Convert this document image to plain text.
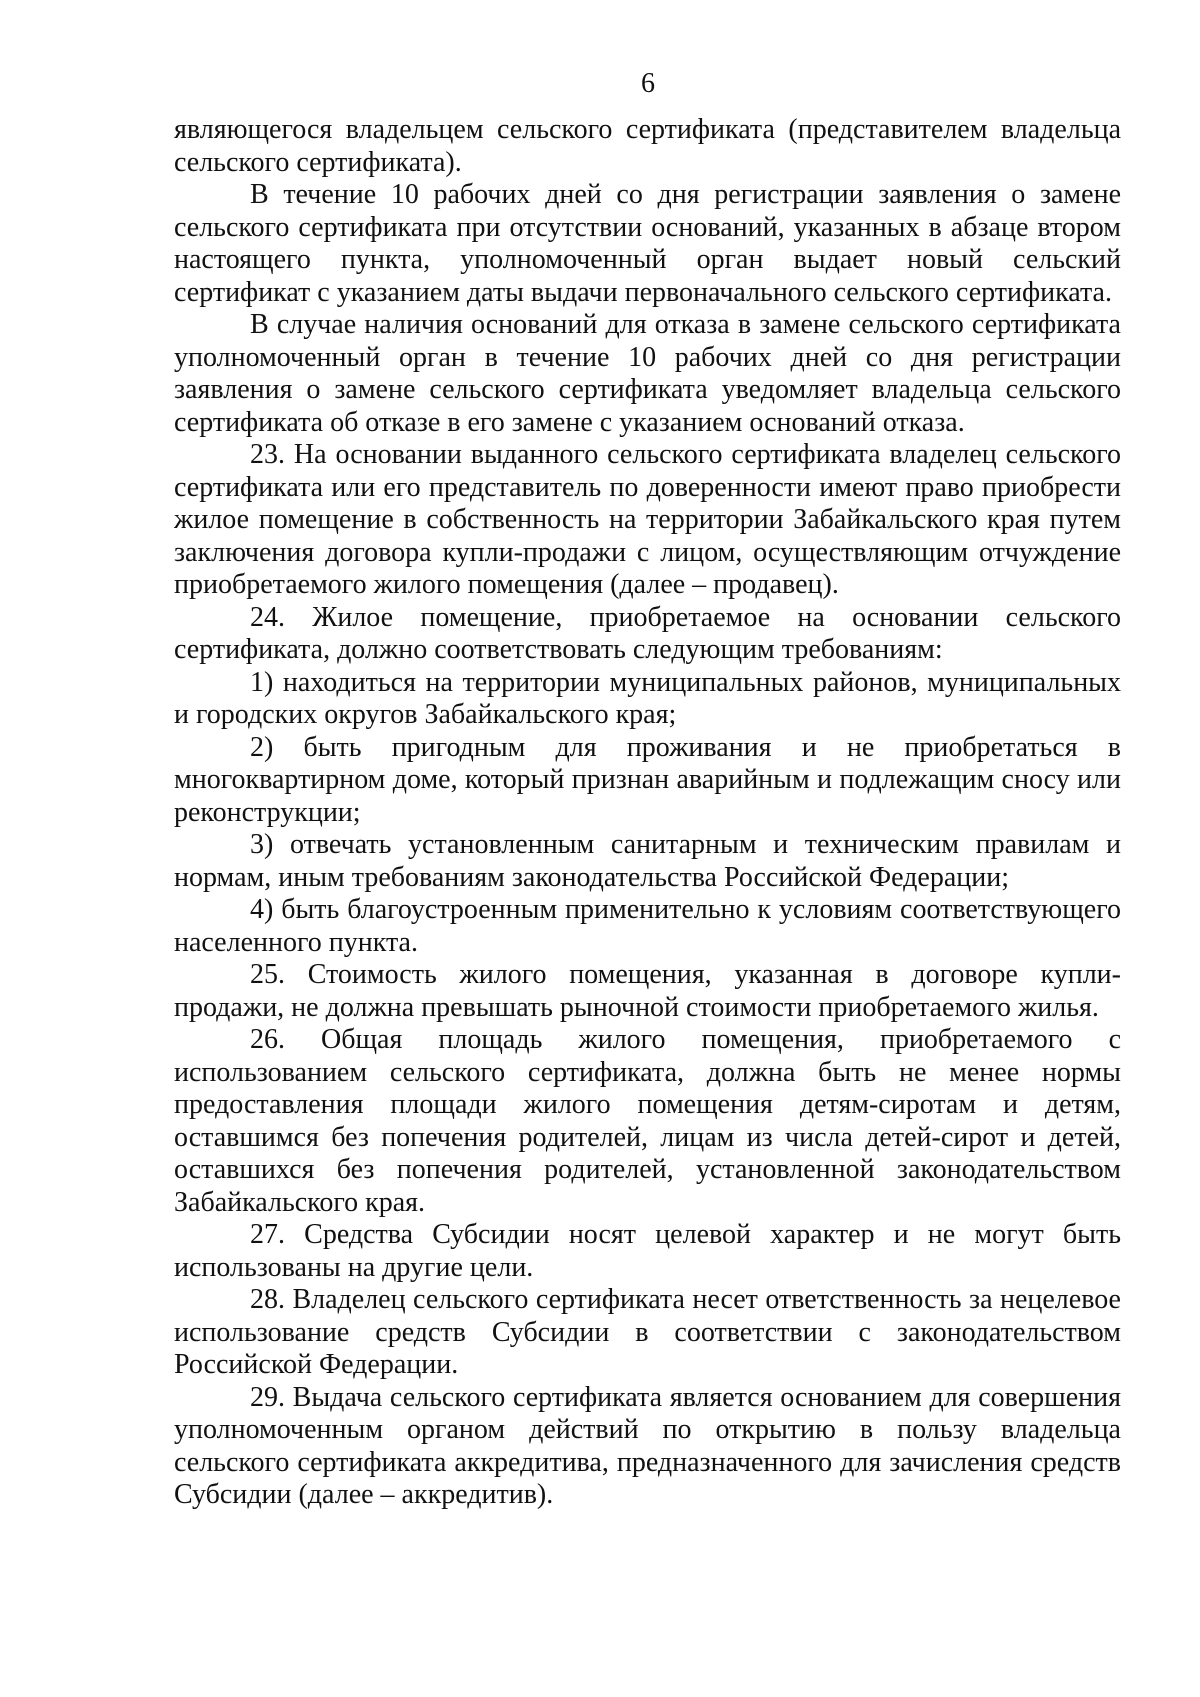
6

являющегося владельцем сельского сертификата (представителем владельца сельского сертификата).

В течение 10 рабочих дней со дня регистрации заявления о замене сельского сертификата при отсутствии оснований, указанных в абзаце втором настоящего пункта, уполномоченный орган выдает новый сельский сертификат с указанием даты выдачи первоначального сельского сертификата.

В случае наличия оснований для отказа в замене сельского сертификата уполномоченный орган в течение 10 рабочих дней со дня регистрации заявления о замене сельского сертификата уведомляет владельца сельского сертификата об отказе в его замене с указанием оснований отказа.

23. На основании выданного сельского сертификата владелец сельского сертификата или его представитель по доверенности имеют право приобрести жилое помещение в собственность на территории Забайкальского края путем заключения договора купли-продажи с лицом, осуществляющим отчуждение приобретаемого жилого помещения (далее – продавец).

24. Жилое помещение, приобретаемое на основании сельского сертификата, должно соответствовать следующим требованиям:

1) находиться на территории муниципальных районов, муниципальных и городских округов Забайкальского края;

2) быть пригодным для проживания и не приобретаться в многоквартирном доме, который признан аварийным и подлежащим сносу или реконструкции;

3) отвечать установленным санитарным и техническим правилам и нормам, иным требованиям законодательства Российской Федерации;

4) быть благоустроенным применительно к условиям соответствующего населенного пункта.

25. Стоимость жилого помещения, указанная в договоре купли-продажи, не должна превышать рыночной стоимости приобретаемого жилья.

26. Общая площадь жилого помещения, приобретаемого с использованием сельского сертификата, должна быть не менее нормы предоставления площади жилого помещения детям-сиротам и детям, оставшимся без попечения родителей, лицам из числа детей-сирот и детей, оставшихся без попечения родителей, установленной законодательством Забайкальского края.

27. Средства Субсидии носят целевой характер и не могут быть использованы на другие цели.

28. Владелец сельского сертификата несет ответственность за нецелевое использование средств Субсидии в соответствии с законодательством Российской Федерации.

29. Выдача сельского сертификата является основанием для совершения уполномоченным органом действий по открытию в пользу владельца сельского сертификата аккредитива, предназначенного для зачисления средств Субсидии (далее – аккредитив).
